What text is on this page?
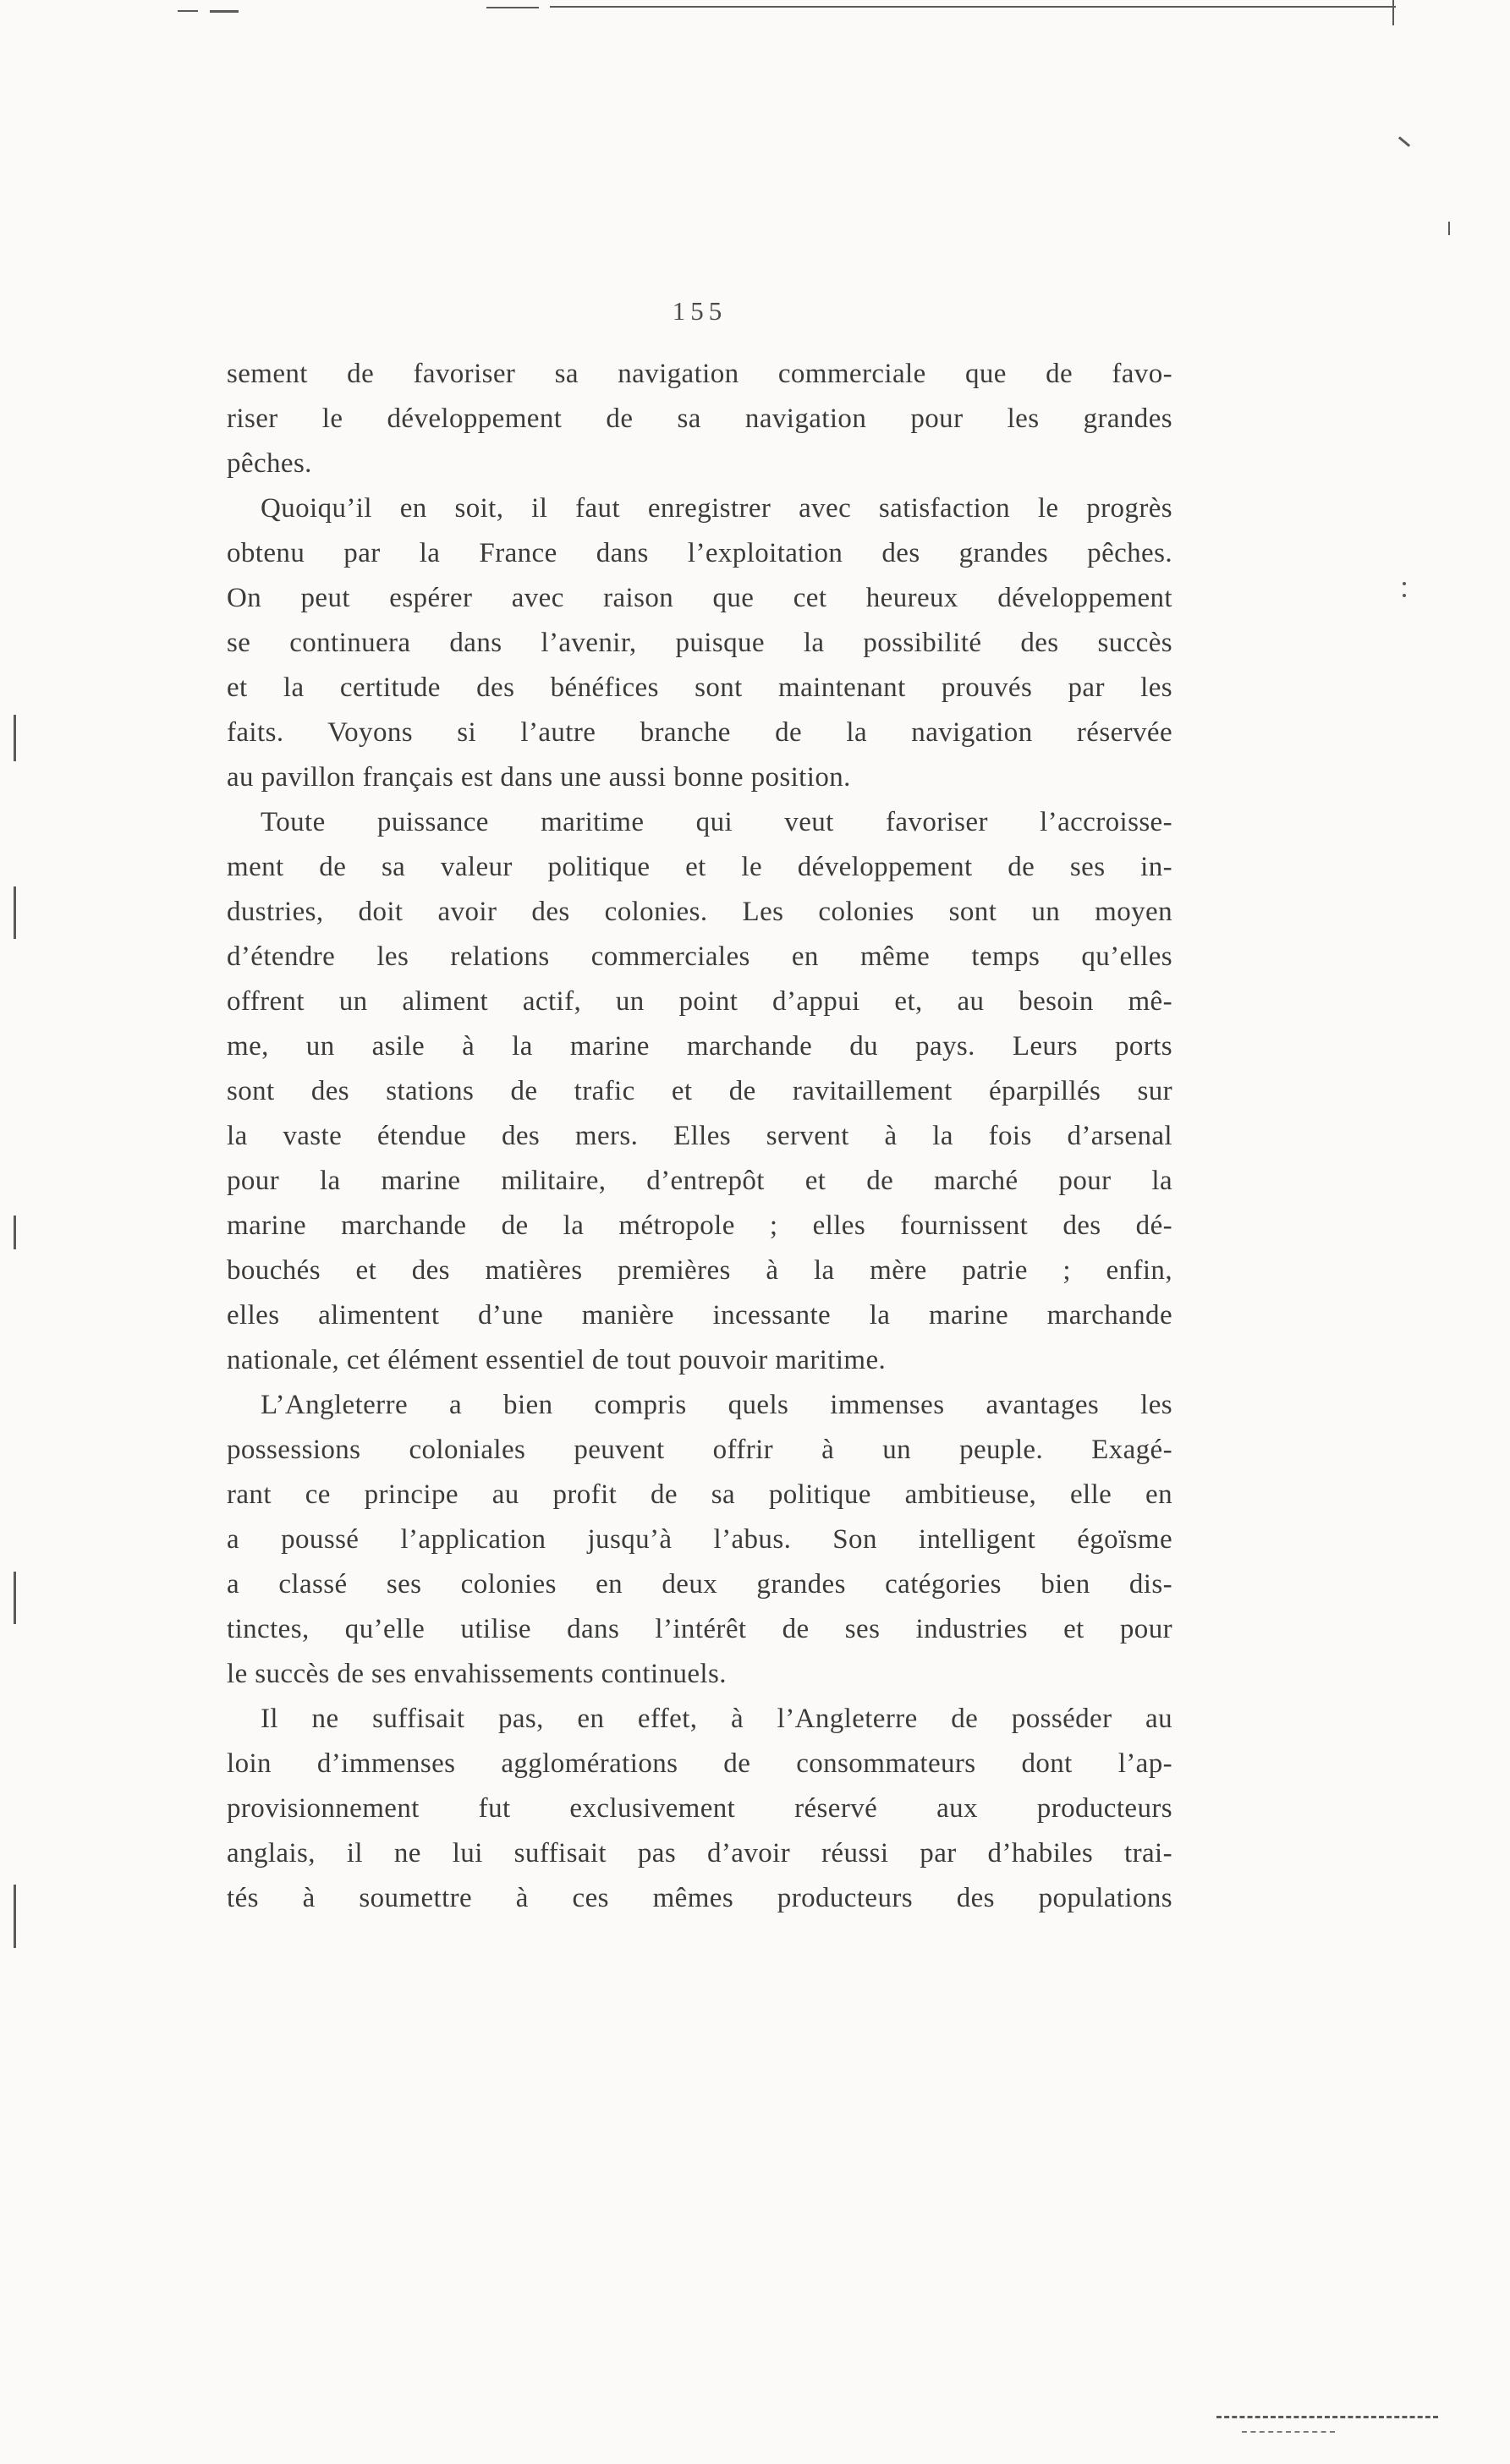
155
sement de favoriser sa navigation commerciale que de favo-
riser le développement de sa navigation pour les grandes
pêches.
Quoiqu’il en soit, il faut enregistrer avec satisfaction le progrès
obtenu par la France dans l’exploitation des grandes pêches.
On peut espérer avec raison que cet heureux développement
se continuera dans l’avenir, puisque la possibilité des succès
et la certitude des bénéfices sont maintenant prouvés par les
faits. Voyons si l’autre branche de la navigation réservée
au pavillon français est dans une aussi bonne position.
Toute puissance maritime qui veut favoriser l’accroisse-
ment de sa valeur politique et le développement de ses in-
dustries, doit avoir des colonies. Les colonies sont un moyen
d’étendre les relations commerciales en même temps qu’elles
offrent un aliment actif, un point d’appui et, au besoin mê-
me, un asile à la marine marchande du pays. Leurs ports
sont des stations de trafic et de ravitaillement éparpillés sur
la vaste étendue des mers. Elles servent à la fois d’arsenal
pour la marine militaire, d’entrepôt et de marché pour la
marine marchande de la métropole ; elles fournissent des dé-
bouchés et des matières premières à la mère patrie ; enfin,
elles alimentent d’une manière incessante la marine marchande
nationale, cet élément essentiel de tout pouvoir maritime.
L’Angleterre a bien compris quels immenses avantages les
possessions coloniales peuvent offrir à un peuple. Exagé-
rant ce principe au profit de sa politique ambitieuse, elle en
a poussé l’application jusqu’à l’abus. Son intelligent égoïsme
a classé ses colonies en deux grandes catégories bien dis-
tinctes, qu’elle utilise dans l’intérêt de ses industries et pour
le succès de ses envahissements continuels.
Il ne suffisait pas, en effet, à l’Angleterre de posséder au
loin d’immenses agglomérations de consommateurs dont l’ap-
provisionnement fut exclusivement réservé aux producteurs
anglais, il ne lui suffisait pas d’avoir réussi par d’habiles trai-
tés à soumettre à ces mêmes producteurs des populations
